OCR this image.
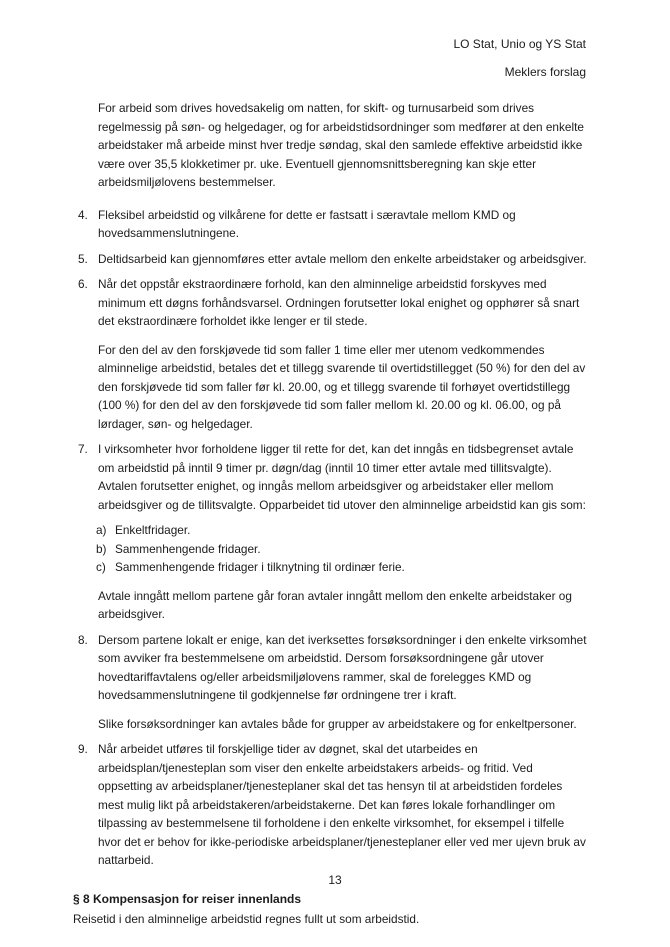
LO Stat, Unio og YS Stat
Meklers forslag
For arbeid som drives hovedsakelig om natten, for skift- og turnusarbeid som drives regelmessig på søn- og helgedager, og for arbeidstidsordninger som medfører at den enkelte arbeidstaker må arbeide minst hver tredje søndag, skal den samlede effektive arbeidstid ikke være over 35,5 klokketimer pr. uke. Eventuell gjennomsnittsberegning kan skje etter arbeidsmiljølovens bestemmelser.
4. Fleksibel arbeidstid og vilkårene for dette er fastsatt i særavtale mellom KMD og hovedsammenslutningene.
5. Deltidsarbeid kan gjennomføres etter avtale mellom den enkelte arbeidstaker og arbeidsgiver.
6. Når det oppstår ekstraordinære forhold, kan den alminnelige arbeidstid forskyves med minimum ett døgns forhåndsvarsel. Ordningen forutsetter lokal enighet og opphører så snart det ekstraordinære forholdet ikke lenger er til stede.
For den del av den forskjøvede tid som faller 1 time eller mer utenom vedkommendes alminnelige arbeidstid, betales det et tillegg svarende til overtidstillegget (50 %) for den del av den forskjøvede tid som faller før kl. 20.00, og et tillegg svarende til forhøyet overtidstillegg (100 %) for den del av den forskjøvede tid som faller mellom kl. 20.00 og kl. 06.00, og på lørdager, søn- og helgedager.
7. I virksomheter hvor forholdene ligger til rette for det, kan det inngås en tidsbegrenset avtale om arbeidstid på inntil 9 timer pr. døgn/dag (inntil 10 timer etter avtale med tillitsvalgte). Avtalen forutsetter enighet, og inngås mellom arbeidsgiver og arbeidstaker eller mellom arbeidsgiver og de tillitsvalgte. Opparbeidet tid utover den alminnelige arbeidstid kan gis som:
a) Enkeltfridager.
b) Sammenhengende fridager.
c) Sammenhengende fridager i tilknytning til ordinær ferie.
Avtale inngått mellom partene går foran avtaler inngått mellom den enkelte arbeidstaker og arbeidsgiver.
8. Dersom partene lokalt er enige, kan det iverksettes forsøksordninger i den enkelte virksomhet som avviker fra bestemmelsene om arbeidstid. Dersom forsøksordningene går utover hovedtariffavtalens og/eller arbeidsmiljølovens rammer, skal de forelegges KMD og hovedsammenslutningene til godkjennelse før ordningene trer i kraft.
Slike forsøksordninger kan avtales både for grupper av arbeidstakere og for enkeltpersoner.
9. Når arbeidet utføres til forskjellige tider av døgnet, skal det utarbeides en arbeidsplan/tjenesteplan som viser den enkelte arbeidstakers arbeids- og fritid. Ved oppsetting av arbeidsplaner/tjenesteplaner skal det tas hensyn til at arbeidstiden fordeles mest mulig likt på arbeidstakeren/arbeidstakerne. Det kan føres lokale forhandlinger om tilpassing av bestemmelsene til forholdene i den enkelte virksomhet, for eksempel i tilfelle hvor det er behov for ikke-periodiske arbeidsplaner/tjenesteplaner eller ved mer ujevn bruk av nattarbeid.
§ 8 Kompensasjon for reiser innenlands
Reisetid i den alminnelige arbeidstid regnes fullt ut som arbeidstid.
13
